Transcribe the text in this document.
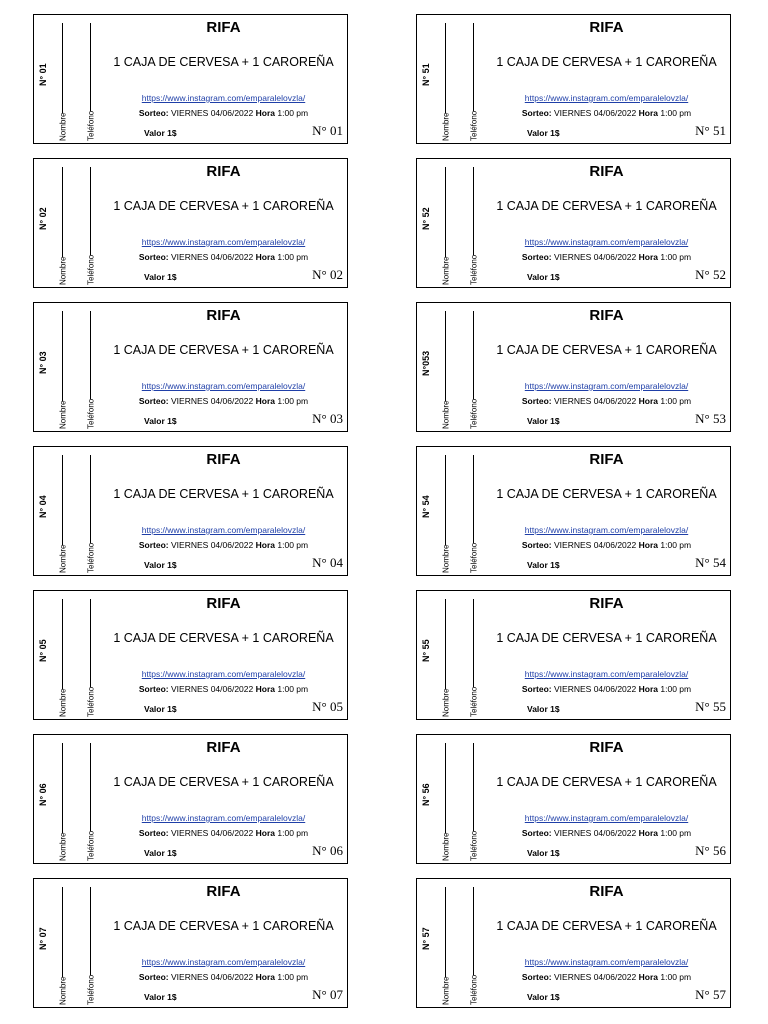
N° 01
Nombre Teléfono
RIFA
1 CAJA DE CERVESA + 1 CAROREÑA
https://www.instagram.com/emparalelovzla/
Sorteo: VIERNES 04/06/2022 Hora 1:00 pm
Valor 1$	N° 01
N° 02
Nombre Teléfono
RIFA
1 CAJA DE CERVESA + 1 CAROREÑA
https://www.instagram.com/emparalelovzla/
Sorteo: VIERNES 04/06/2022 Hora 1:00 pm
Valor 1$	N° 02
N° 03
Nombre Teléfono
RIFA
1 CAJA DE CERVESA + 1 CAROREÑA
https://www.instagram.com/emparalelovzla/
Sorteo: VIERNES 04/06/2022 Hora 1:00 pm
Valor 1$	N° 03
N° 04
Nombre Teléfono
RIFA
1 CAJA DE CERVESA + 1 CAROREÑA
https://www.instagram.com/emparalelovzla/
Sorteo: VIERNES 04/06/2022 Hora 1:00 pm
Valor 1$	N° 04
N° 05
Nombre Teléfono
RIFA
1 CAJA DE CERVESA + 1 CAROREÑA
https://www.instagram.com/emparalelovzla/
Sorteo: VIERNES 04/06/2022 Hora 1:00 pm
Valor 1$	N° 05
N° 06
Nombre Teléfono
RIFA
1 CAJA DE CERVESA + 1 CAROREÑA
https://www.instagram.com/emparalelovzla/
Sorteo: VIERNES 04/06/2022 Hora 1:00 pm
Valor 1$	N° 06
N° 07
Nombre Teléfono
RIFA
1 CAJA DE CERVESA + 1 CAROREÑA
https://www.instagram.com/emparalelovzla/
Sorteo: VIERNES 04/06/2022 Hora 1:00 pm
Valor 1$	N° 07
N° 51
Nombre Teléfono
RIFA
1 CAJA DE CERVESA + 1 CAROREÑA
https://www.instagram.com/emparalelovzla/
Sorteo: VIERNES 04/06/2022 Hora 1:00 pm
Valor 1$	N° 51
N° 52
Nombre Teléfono
RIFA
1 CAJA DE CERVESA + 1 CAROREÑA
https://www.instagram.com/emparalelovzla/
Sorteo: VIERNES 04/06/2022 Hora 1:00 pm
Valor 1$	N° 52
N°053
Nombre Teléfono
RIFA
1 CAJA DE CERVESA + 1 CAROREÑA
https://www.instagram.com/emparalelovzla/
Sorteo: VIERNES 04/06/2022 Hora 1:00 pm
Valor 1$	N° 53
N° 54
Nombre Teléfono
RIFA
1 CAJA DE CERVESA + 1 CAROREÑA
https://www.instagram.com/emparalelovzla/
Sorteo: VIERNES 04/06/2022 Hora 1:00 pm
Valor 1$	N° 54
N° 55
Nombre Teléfono
RIFA
1 CAJA DE CERVESA + 1 CAROREÑA
https://www.instagram.com/emparalelovzla/
Sorteo: VIERNES 04/06/2022 Hora 1:00 pm
Valor 1$	N° 55
N° 56
Nombre Teléfono
RIFA
1 CAJA DE CERVESA + 1 CAROREÑA
https://www.instagram.com/emparalelovzla/
Sorteo: VIERNES 04/06/2022 Hora 1:00 pm
Valor 1$	N° 56
N° 57
Nombre Teléfono
RIFA
1 CAJA DE CERVESA + 1 CAROREÑA
https://www.instagram.com/emparalelovzla/
Sorteo: VIERNES 04/06/2022 Hora 1:00 pm
Valor 1$	N° 57
